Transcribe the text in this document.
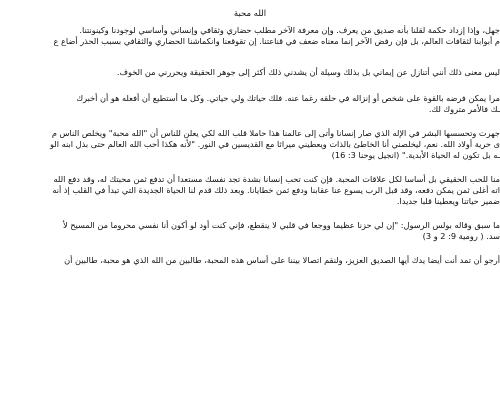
الله محبة
جهل، وإذا إزداد حكمة لقلنا بأنه صديق من يعرف. وإن معرفة الآخر مطلب حضاري وثقافي وإنساني وأساسي لوجودنا وكينونتنا.
م أبوابنا لثقافات العالم، بل فإن رفض الآخر إنما معناه ضعف في قناعتنا. إن تقوقعنا وانكماشنا الحضاري والثقافي بسبب الحذر أضاع ع
ليس معنى ذلك أنني أتنازل عن إيماني بل بذلك وسيلة أن يشدني ذلك أكثر إلى جوهر الحقيقة ويحررني من الخوف.
مرا يمكن فرضه بالقوة على شخص أو إنزاله في حلقه رغما عنه. فلك حياتك ولي حياتي. وكل ما أستطيع أن أفعله هو أن أخبرك
ـك فالأمر متروك لك.
جهرت وتحسسها البشر في الإله الذي صار إنسانا وأتى إلى عالمنا هذا حاملا قلب الله لكي يعلن للناس أن "الله محبة" ويخلص الناس م
ى حرية أولاد الله. نعم، ليخلصني أنا الخاطئ بالذات ويعطيني ميراثا مع القديسين في النور. "لأنه هكذا أحب الله العالم حتى بذل ابنه الو
ـه بل تكون له الحياة الأبدية." (انجيل يوحنا 3: 16)
منا للحب الحقيقي بل أساسا لكل علاقات المحبة. فإن كنت تحب إنسانا بشدة تجد نفسك مستعدا أن تدفع ثمن محبتك له، وقد دفع الله
اته أغلى ثمن يمكن دفعه، وقد قبل الرب يسوع عنا عقابنا ودفع ثمن خطايانا. وبعد ذلك قدم لنا الحياة الجديدة التي تبدأ في القلب إذ أنه
ضمير حياتنا ويعطينا قلبا جديدا.
ما سبق وقاله بولس الرسول: "إن لي حزنا عظيما ووجعا في قلبي لا ينقطع، فإني كنت أود لو أكون أنا نفسي محروما من المسيح لأ
سد. ( رومية 9: 2 و 3)
أرجو أن تمد أنت أيضا يدك أيها الصديق العزيز، ولنقم اتصالا بيننا على أساس هذه المحبة، طالبين من الله الذي هو محبة، طالبين أن
